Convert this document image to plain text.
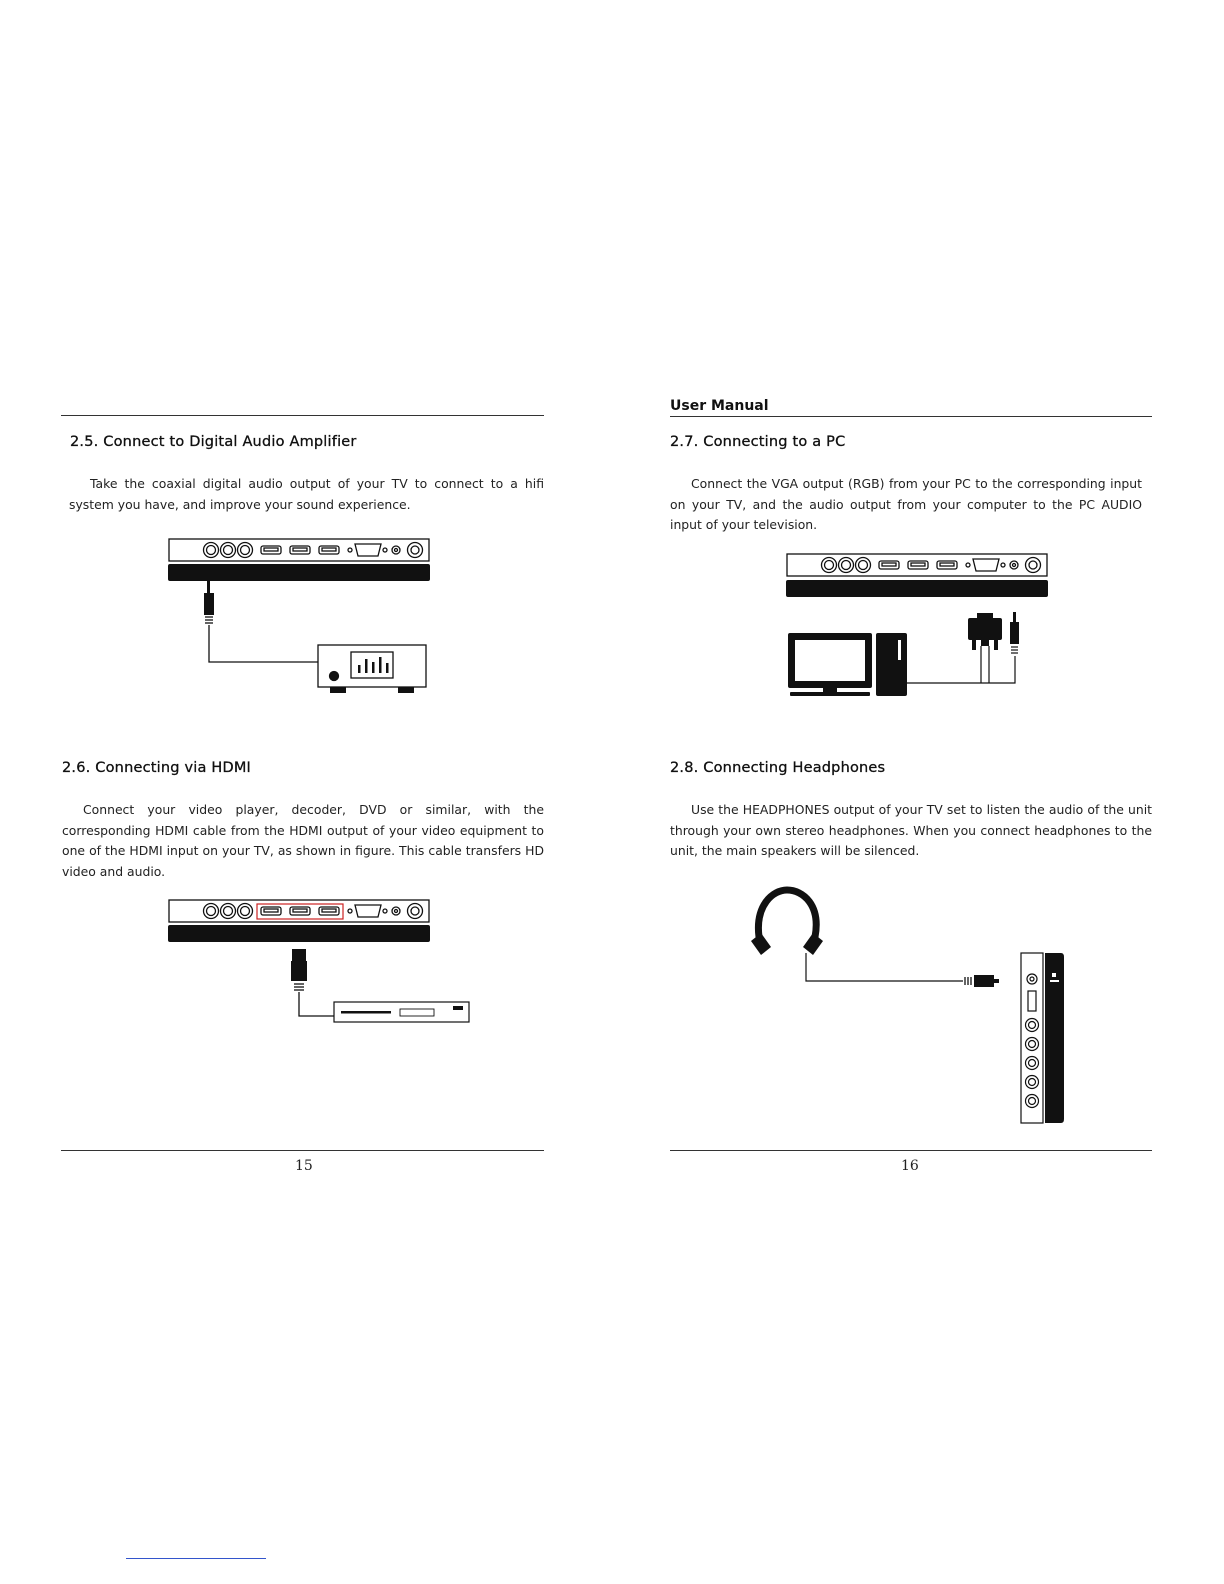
2.5. Connect to Digital Audio Amplifier

Take the coaxial digital audio output of your TV to connect to a hifi system you have, and improve your sound experience.

2.6. Connecting via HDMI

Connect your video player, decoder, DVD or similar, with the corresponding HDMI cable from the HDMI output of your video equipment to one of the HDMI input on your TV, as shown in figure. This cable transfers HD video and audio.

15
User Manual
2.7. Connecting to a PC

Connect the VGA output (RGB) from your PC to the corresponding input on your TV, and the audio output from your computer to the PC AUDIO input of your television.

2.8. Connecting Headphones

Use the HEADPHONES output of your TV set to listen the audio of the unit through your own stereo headphones. When you connect headphones to the unit, the main speakers will be silenced.

16
